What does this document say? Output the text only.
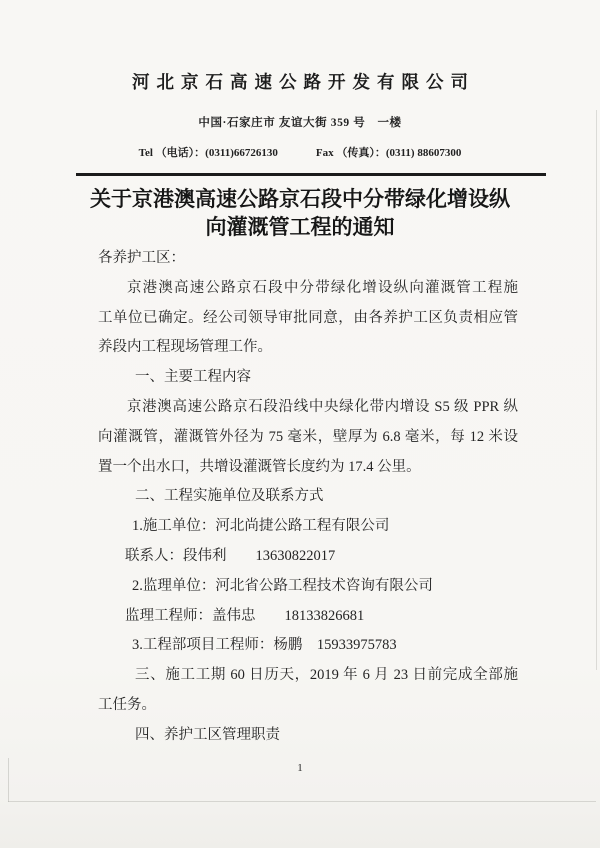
河北京石高速公路开发有限公司
中国·石家庄市 友谊大街 359 号　一楼
Tel （电话）：(0311)66726130	Fax （传真）：(0311) 88607300
关于京港澳高速公路京石段中分带绿化增设纵
向灌溉管工程的通知
各养护工区：
京港澳高速公路京石段中分带绿化增设纵向灌溉管工程施
工单位已确定。经公司领导审批同意，由各养护工区负责相应管
养段内工程现场管理工作。
一、主要工程内容
京港澳高速公路京石段沿线中央绿化带内增设 S5 级 PPR 纵
向灌溉管，灌溉管外径为 75 毫米，壁厚为 6.8 毫米，每 12 米设
置一个出水口，共增设灌溉管长度约为 17.4 公里。
二、工程实施单位及联系方式
1.施工单位：河北尚捷公路工程有限公司
联系人：段伟利　　13630822017
2.监理单位：河北省公路工程技术咨询有限公司
监理工程师：盖伟忠　　18133826681
3.工程部项目工程师：杨鹏　15933975783
三、施工工期 60 日历天，2019 年 6 月 23 日前完成全部施
工任务。
四、养护工区管理职责
1
